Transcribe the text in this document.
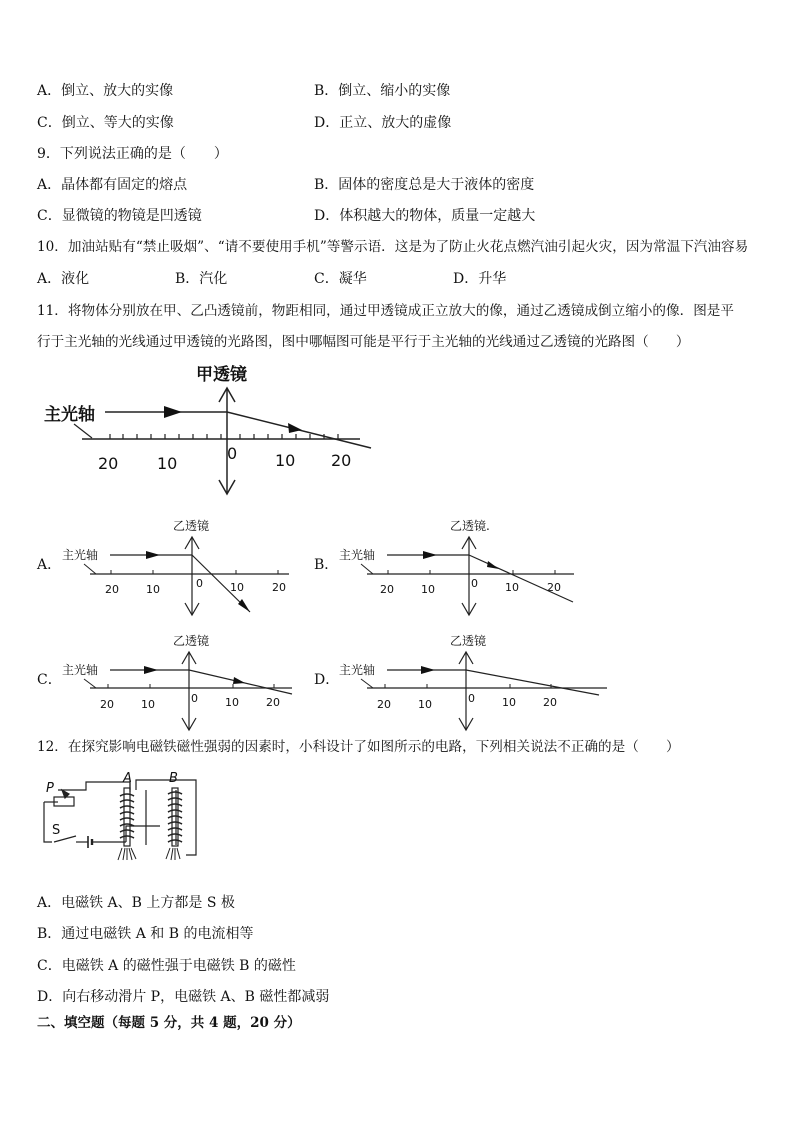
A．倒立、放大的实像	B．倒立、缩小的实像
C．倒立、等大的实像	D．正立、放大的虚像
9．下列说法正确的是（　　）
A．晶体都有固定的熔点	B．固体的密度总是大于液体的密度
C．显微镜的物镜是凹透镜	D．体积越大的物体，质量一定越大
10．加油站贴有“禁止吸烟”、“请不要使用手机”等警示语．这是为了防止火花点燃汽油引起火灾，因为常温下汽油容易
A．液化	B．汽化	C．凝华	D．升华
11．将物体分别放在甲、乙凸透镜前，物距相同，通过甲透镜成正立放大的像，通过乙透镜成倒立缩小的像．图是平
行于主光轴的光线通过甲透镜的光路图，图中哪幅图可能是平行于主光轴的光线通过乙透镜的光路图（　　）
甲透镜
主光轴
20 10
0 10 20
A．
乙透镜
主光轴
20 10	0 10	20
B．
乙透镜.
主光轴
20 10	0 10	20
C．
乙透镜
主光轴
20 10	0 10 20
D．
乙透镜
主光轴
20 10	0 10 20
12．在探究影响电磁铁磁性强弱的因素时，小科设计了如图所示的电路，下列相关说法不正确的是（　　）
P
S
A	B
A．电磁铁 A、B 上方都是 S 极
B．通过电磁铁 A 和 B 的电流相等
C．电磁铁 A 的磁性强于电磁铁 B 的磁性
D．向右移动滑片 P，电磁铁 A、B 磁性都减弱
二、填空题（每题 5 分，共 4 题，20 分）
